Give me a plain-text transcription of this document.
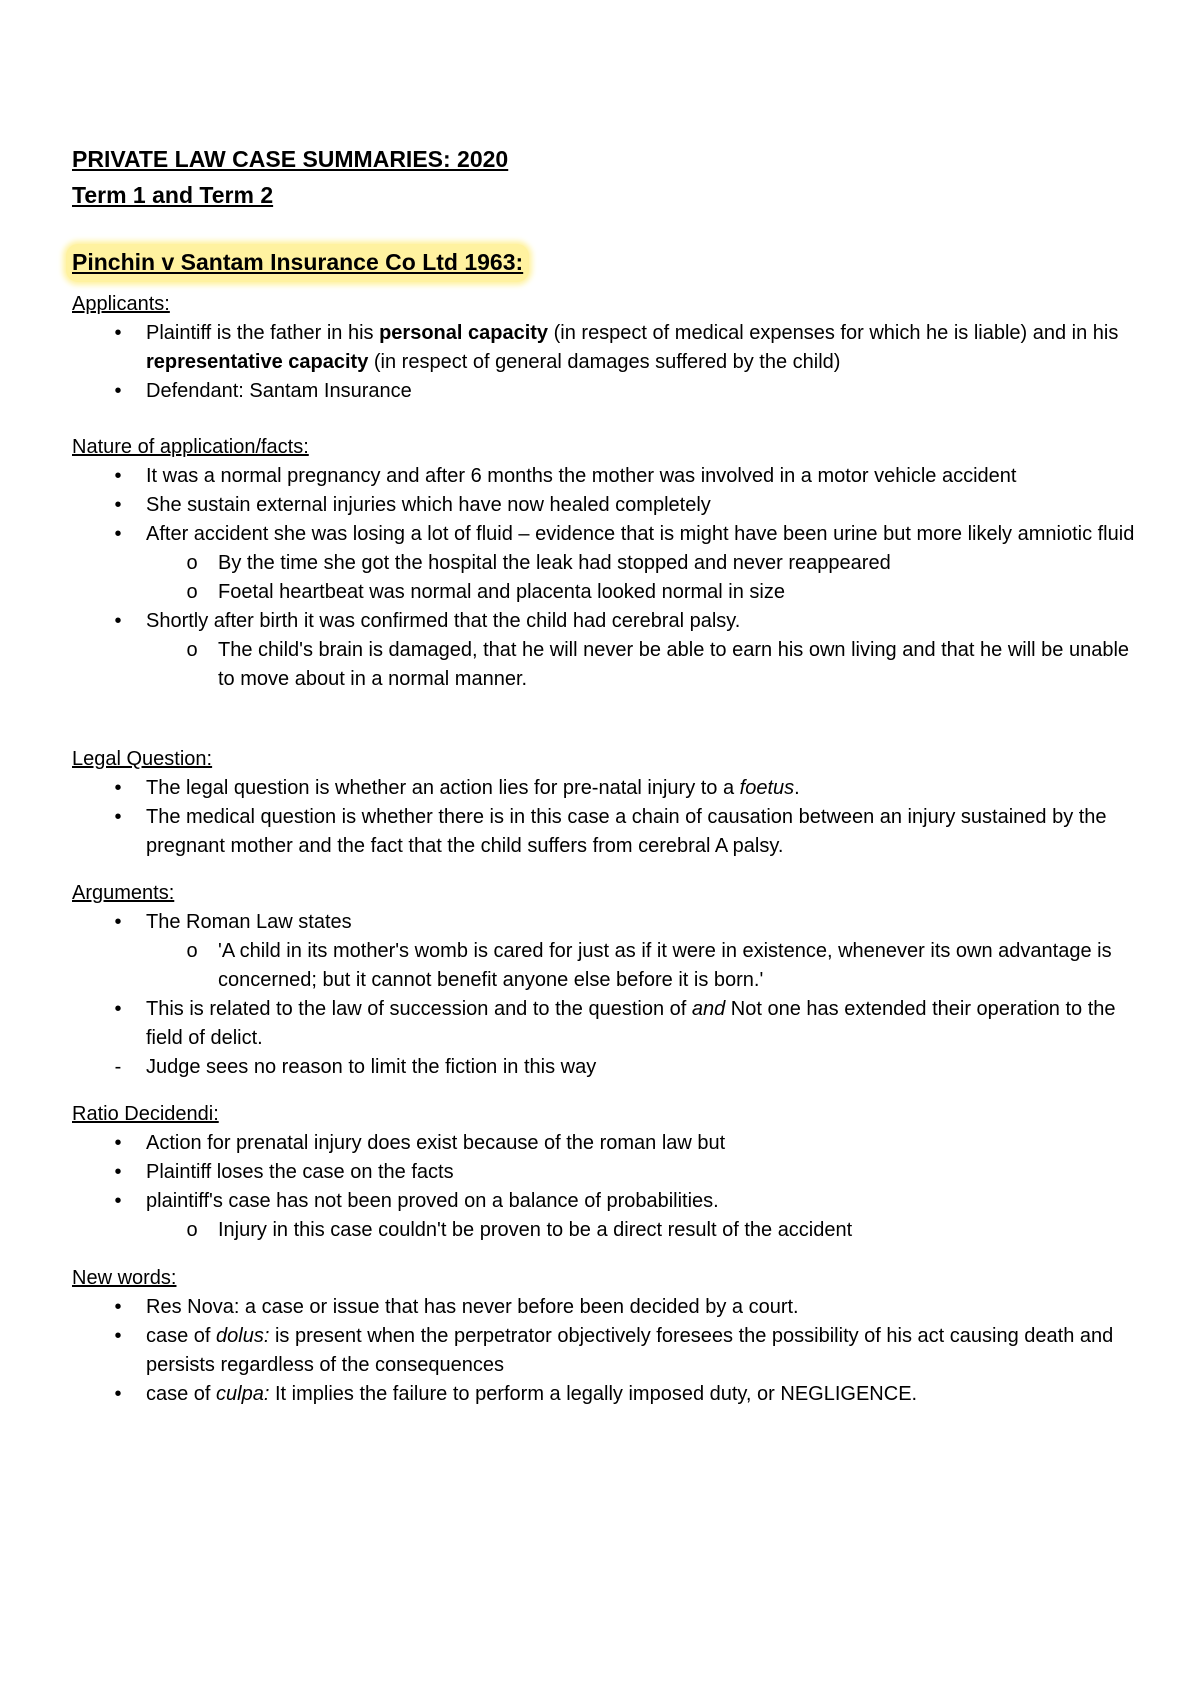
PRIVATE LAW CASE SUMMARIES: 2020
Term 1 and Term 2
Pinchin v Santam Insurance Co Ltd 1963:
Applicants:
•	Plaintiff is the father in his personal capacity (in respect of medical expenses for which he is liable) and in his representative capacity (in respect of general damages suffered by the child)
•	Defendant: Santam Insurance
Nature of application/facts:
•	It was a normal pregnancy and after 6 months the mother was involved in a motor vehicle accident
•	She sustain external injuries which have now healed completely
•	After accident she was losing a lot of fluid – evidence that is might have been urine but more likely amniotic fluid
o By the time she got the hospital the leak had stopped and never reappeared
o Foetal heartbeat was normal and placenta looked normal in size
•	Shortly after birth it was confirmed that the child had cerebral palsy.
o The child's brain is damaged, that he will never be able to earn his own living and that he will be unable to move about in a normal manner.
Legal Question:
•	The legal question is whether an action lies for pre-natal injury to a foetus.
•	The medical question is whether there is in this case a chain of causation between an injury sustained by the pregnant mother and the fact that the child suffers from cerebral A palsy.
Arguments:
•	The Roman Law states
o 'A child in its mother's womb is cared for just as if it were in existence, whenever its own advantage is concerned; but it cannot benefit anyone else before it is born.'
•	This is related to the law of succession and to the question of and Not one has extended their operation to the field of delict.
-	Judge sees no reason to limit the fiction in this way
Ratio Decidendi:
•	Action for prenatal injury does exist because of the roman law but
•	Plaintiff loses the case on the facts
•	plaintiff's case has not been proved on a balance of probabilities.
o Injury in this case couldn't be proven to be a direct result of the accident
New words:
•	Res Nova: a case or issue that has never before been decided by a court.
•	case of dolus: is present when the perpetrator objectively foresees the possibility of his act causing death and persists regardless of the consequences
•	case of culpa: It implies the failure to perform a legally imposed duty, or NEGLIGENCE.
